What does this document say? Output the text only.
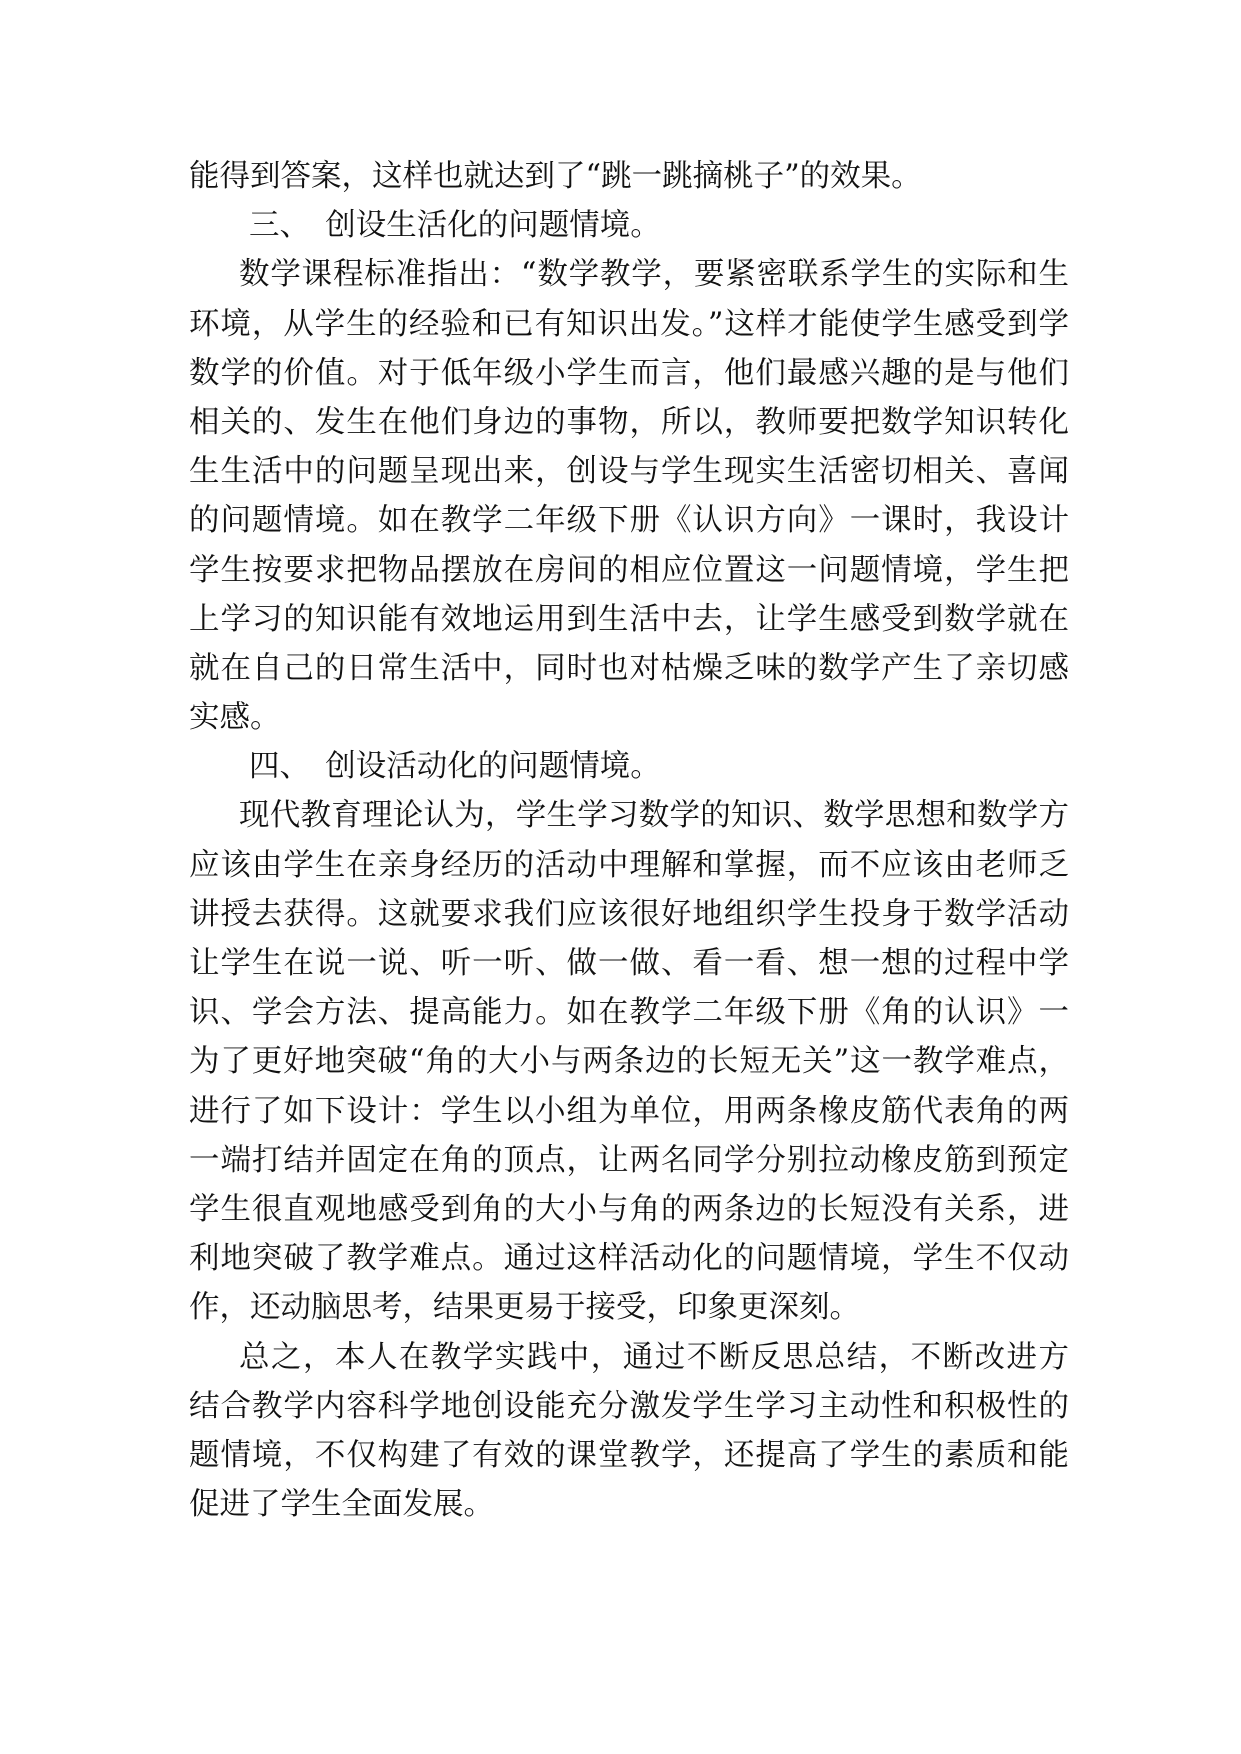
能得到答案，这样也就达到了“跳一跳摘桃子”的效果。
三、　创设生活化的问题情境。
数学课程标准指出：“数学教学，要紧密联系学生的实际和生
环境，从学生的经验和已有知识出发。”这样才能使学生感受到学
数学的价值。对于低年级小学生而言，他们最感兴趣的是与他们
相关的、发生在他们身边的事物，所以，教师要把数学知识转化
生生活中的问题呈现出来，创设与学生现实生活密切相关、喜闻
的问题情境。如在教学二年级下册《认识方向》一课时，我设计
学生按要求把物品摆放在房间的相应位置这一问题情境，学生把
上学习的知识能有效地运用到生活中去，让学生感受到数学就在
就在自己的日常生活中，同时也对枯燥乏味的数学产生了亲切感
实感。
四、　创设活动化的问题情境。
现代教育理论认为，学生学习数学的知识、数学思想和数学方
应该由学生在亲身经历的活动中理解和掌握，而不应该由老师乏
讲授去获得。这就要求我们应该很好地组织学生投身于数学活动
让学生在说一说、听一听、做一做、看一看、想一想的过程中学
识、学会方法、提高能力。如在教学二年级下册《角的认识》一
为了更好地突破“角的大小与两条边的长短无关”这一教学难点，
进行了如下设计：学生以小组为单位，用两条橡皮筋代表角的两
一端打结并固定在角的顶点，让两名同学分别拉动橡皮筋到预定
学生很直观地感受到角的大小与角的两条边的长短没有关系，进
利地突破了教学难点。通过这样活动化的问题情境，学生不仅动
作，还动脑思考，结果更易于接受，印象更深刻。
总之，本人在教学实践中，通过不断反思总结，不断改进方
结合教学内容科学地创设能充分激发学生学习主动性和积极性的
题情境，不仅构建了有效的课堂教学，还提高了学生的素质和能
促进了学生全面发展。
